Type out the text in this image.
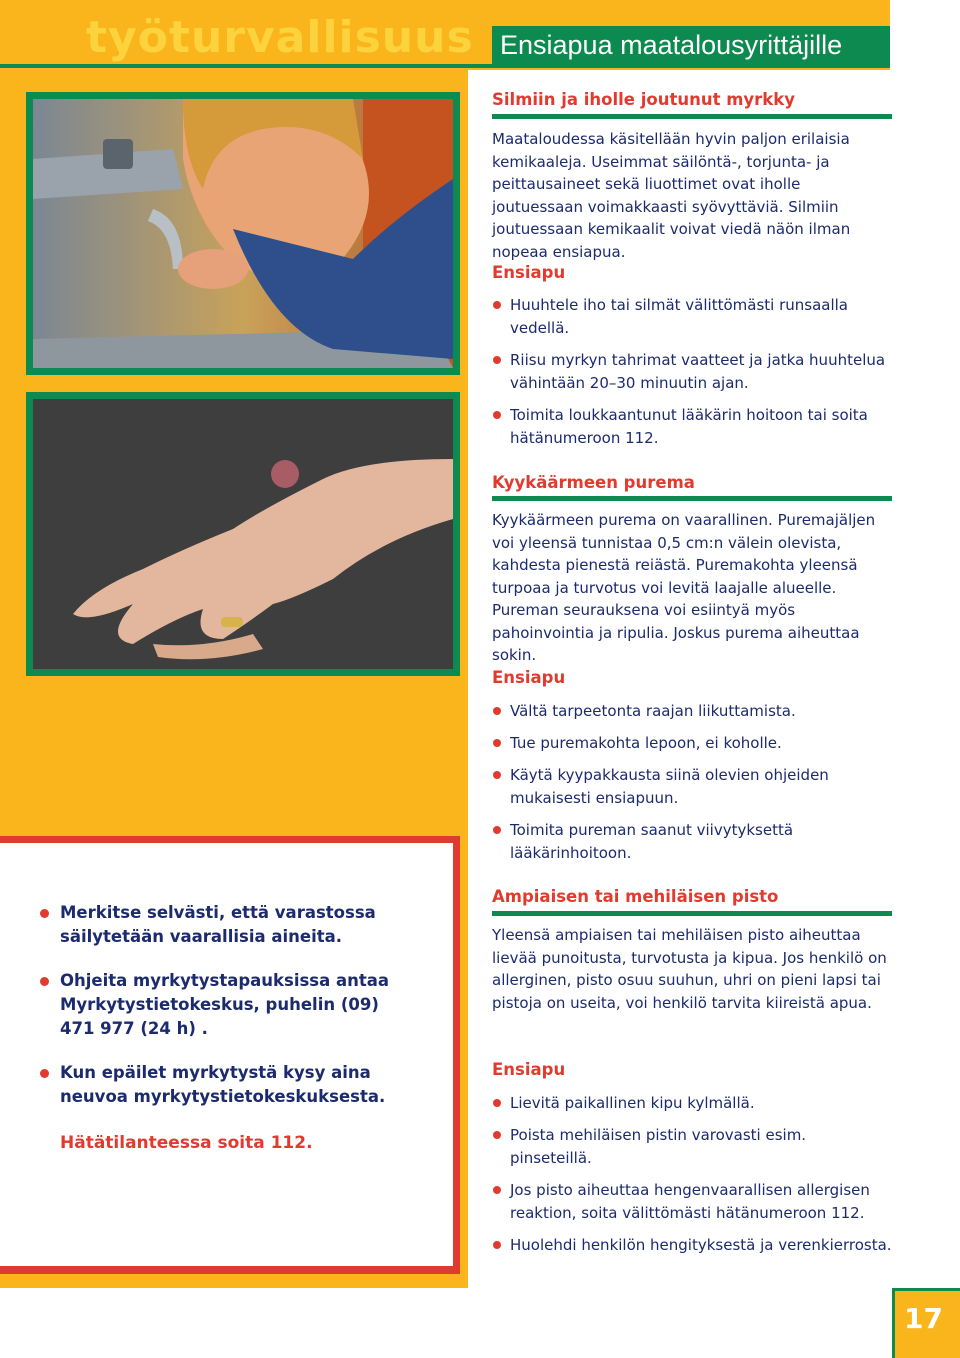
työturvallisuus Ensiapua maatalousyrittäjille
Merkitse selvästi, että varastossa säilytetään vaarallisia aineita.
Ohjeita myrkytystapauksissa antaa Myrkytystietokeskus, puhelin (09) 471 977 (24 h) .
Kun epäilet myrkytystä kysy aina neuvoa myrkytystietokeskuksesta.
Hätätilanteessa soita 112.
Silmiin ja iholle joutunut myrkky
Maataloudessa käsitellään hyvin paljon erilaisia kemikaaleja. Useimmat säilöntä-, torjunta- ja peittausaineet sekä liuottimet ovat iholle joutuessaan voimakkaasti syövyttäviä. Silmiin joutuessaan kemikaalit voivat viedä näön ilman nopeaa ensiapua.
Ensiapu
Huuhtele iho tai silmät välittömästi runsaalla vedellä.
Riisu myrkyn tahrimat vaatteet ja jatka huuhtelua vähintään 20–30 minuutin ajan.
Toimita loukkaantunut lääkärin hoitoon tai soita hätänumeroon 112.
Kyykäärmeen purema
Kyykäärmeen purema on vaarallinen. Puremajäljen voi yleensä tunnistaa 0,5 cm:n välein olevista, kahdesta pienestä reiästä. Puremakohta yleensä turpoaa ja turvotus voi levitä laajalle alueelle. Pureman seurauksena voi esiintyä myös pahoinvointia ja ripulia. Joskus purema aiheuttaa sokin.
Ensiapu
Vältä tarpeetonta raajan liikuttamista.
Tue puremakohta lepoon, ei koholle.
Käytä kyypakkausta siinä olevien ohjeiden mukaisesti ensiapuun.
Toimita pureman saanut viivytyksettä lääkärinhoitoon.
Ampiaisen tai mehiläisen pisto
Yleensä ampiaisen tai mehiläisen pisto aiheuttaa lievää punoitusta, turvotusta ja kipua. Jos henkilö on allerginen, pisto osuu suuhun, uhri on pieni lapsi tai pistoja on useita, voi henkilö tarvita kiireistä apua.
Ensiapu
Lievitä paikallinen kipu kylmällä.
Poista mehiläisen pistin varovasti esim. pinseteillä.
Jos pisto aiheuttaa hengenvaarallisen allergisen reaktion, soita välittömästi hätänumeroon 112.
Huolehdi henkilön hengityksestä ja verenkierrosta.
17
